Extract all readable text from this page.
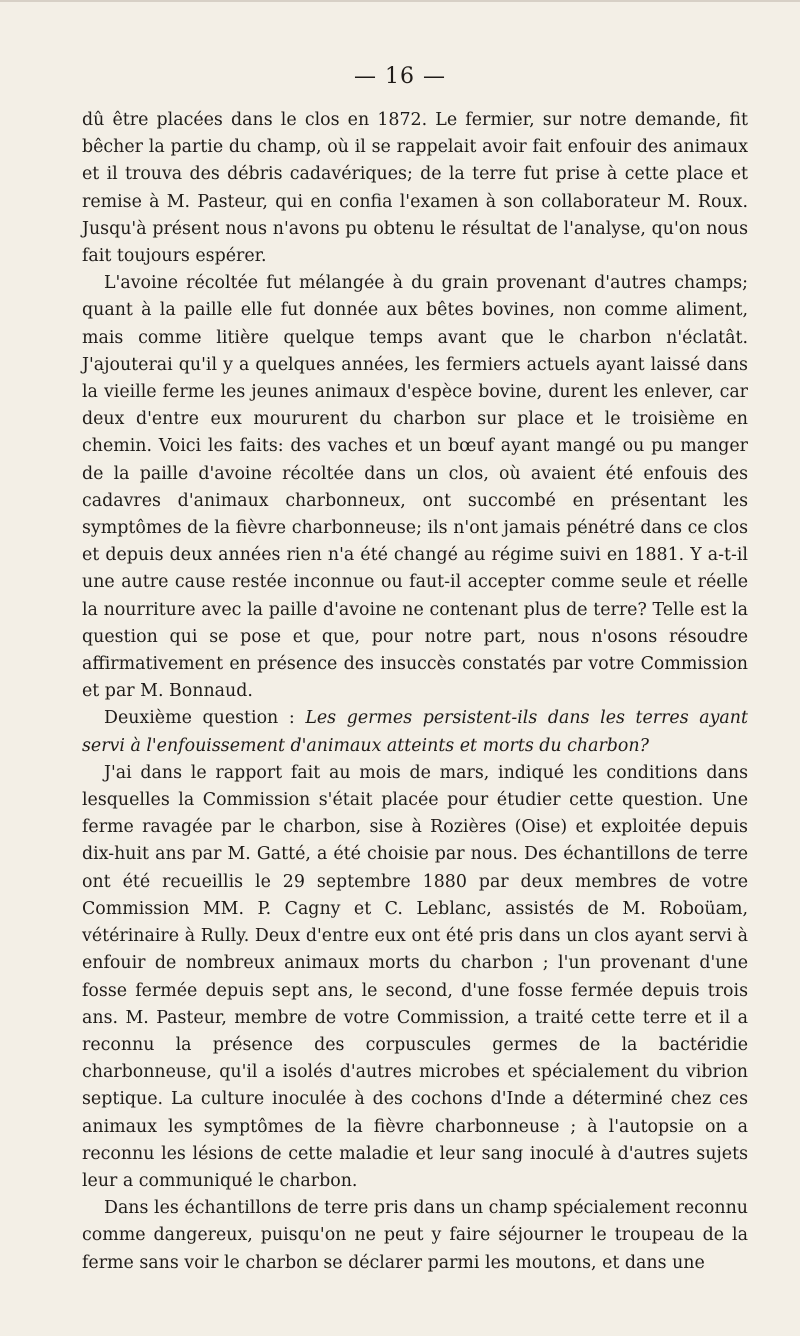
— 16 —

dû être placées dans le clos en 1872. Le fermier, sur notre demande, fit bêcher la partie du champ, où il se rappelait avoir fait enfouir des animaux et il trouva des débris cadavériques; de la terre fut prise à cette place et remise à M. Pasteur, qui en confia l'examen à son collaborateur M. Roux. Jusqu'à présent nous n'avons pu obtenu le résultat de l'analyse, qu'on nous fait toujours espérer.

L'avoine récoltée fut mélangée à du grain provenant d'autres champs; quant à la paille elle fut donnée aux bêtes bovines, non comme aliment, mais comme litière quelque temps avant que le charbon n'éclatât. J'ajouterai qu'il y a quelques années, les fermiers actuels ayant laissé dans la vieille ferme les jeunes animaux d'espèce bovine, durent les enlever, car deux d'entre eux moururent du charbon sur place et le troisième en chemin. Voici les faits: des vaches et un bœuf ayant mangé ou pu manger de la paille d'avoine récoltée dans un clos, où avaient été enfouis des cadavres d'animaux charbonneux, ont succombé en présentant les symptômes de la fièvre charbonneuse; ils n'ont jamais pénétré dans ce clos et depuis deux années rien n'a été changé au régime suivi en 1881. Y a-t-il une autre cause restée inconnue ou faut-il accepter comme seule et réelle la nourriture avec la paille d'avoine ne contenant plus de terre? Telle est la question qui se pose et que, pour notre part, nous n'osons résoudre affirmativement en présence des insuccès constatés par votre Commission et par M. Bonnaud.

Deuxième question : Les germes persistent-ils dans les terres ayant servi à l'enfouissement d'animaux atteints et morts du charbon?

J'ai dans le rapport fait au mois de mars, indiqué les conditions dans lesquelles la Commission s'était placée pour étudier cette question. Une ferme ravagée par le charbon, sise à Rozières (Oise) et exploitée depuis dix-huit ans par M. Gatté, a été choisie par nous. Des échantillons de terre ont été recueillis le 29 septembre 1880 par deux membres de votre Commission MM. P. Cagny et C. Leblanc, assistés de M. Roboüam, vétérinaire à Rully. Deux d'entre eux ont été pris dans un clos ayant servi à enfouir de nombreux animaux morts du charbon ; l'un provenant d'une fosse fermée depuis sept ans, le second, d'une fosse fermée depuis trois ans. M. Pasteur, membre de votre Commission, a traité cette terre et il a reconnu la présence des corpuscules germes de la bactéridie charbonneuse, qu'il a isolés d'autres microbes et spécialement du vibrion septique. La culture inoculée à des cochons d'Inde a déterminé chez ces animaux les symptômes de la fièvre charbonneuse ; à l'autopsie on a reconnu les lésions de cette maladie et leur sang inoculé à d'autres sujets leur a communiqué le charbon.

Dans les échantillons de terre pris dans un champ spécialement reconnu comme dangereux, puisqu'on ne peut y faire séjourner le troupeau de la ferme sans voir le charbon se déclarer parmi les moutons, et dans une
